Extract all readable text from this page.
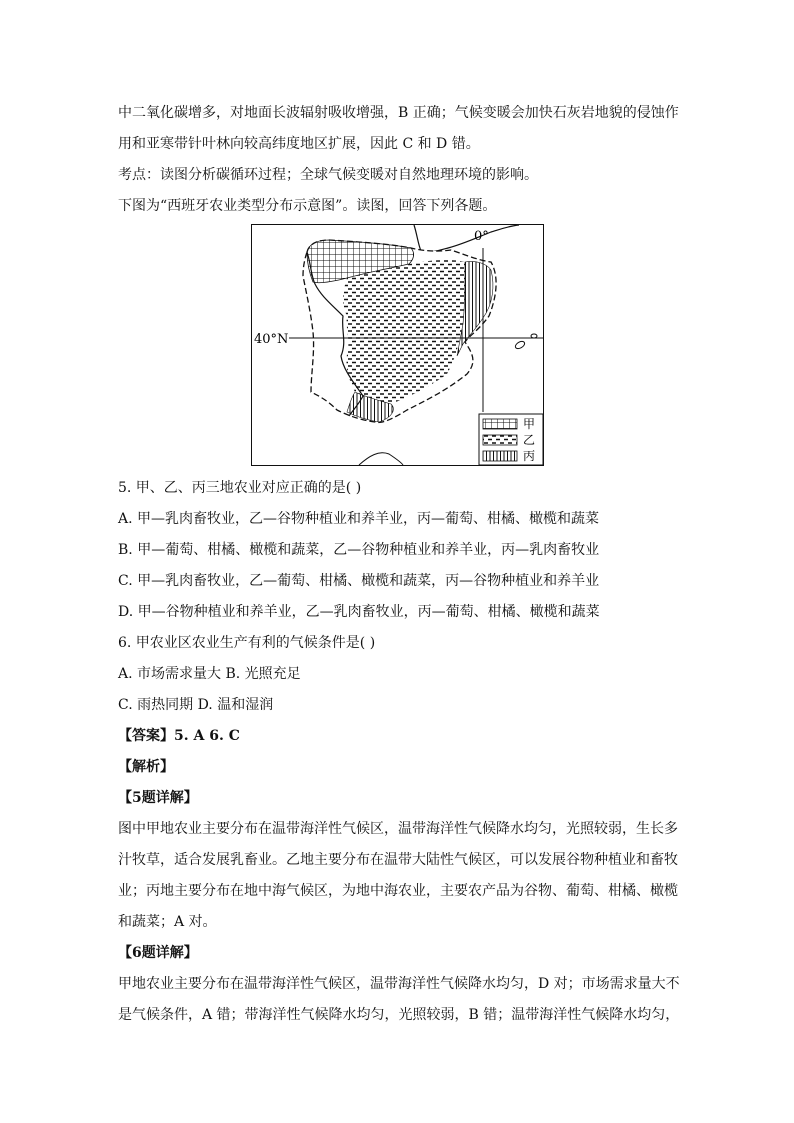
中二氧化碳增多，对地面长波辐射吸收增强，B 正确；气候变暖会加快石灰岩地貌的侵蚀作
用和亚寒带针叶林向较高纬度地区扩展，因此 C 和 D 错。
考点：读图分析碳循环过程；全球气候变暖对自然地理环境的影响。
下图为“西班牙农业类型分布示意图”。读图，回答下列各题。
0°
40°N
甲
乙
丙
5. 甲、乙、丙三地农业对应正确的是( )
A. 甲—乳肉畜牧业，乙—谷物种植业和养羊业，丙—葡萄、柑橘、橄榄和蔬菜
B. 甲—葡萄、柑橘、橄榄和蔬菜，乙—谷物种植业和养羊业，丙—乳肉畜牧业
C. 甲—乳肉畜牧业，乙—葡萄、柑橘、橄榄和蔬菜，丙—谷物种植业和养羊业
D. 甲—谷物种植业和养羊业，乙—乳肉畜牧业，丙—葡萄、柑橘、橄榄和蔬菜
6. 甲农业区农业生产有利的气候条件是( )
A. 市场需求量大 B. 光照充足
C. 雨热同期 D. 温和湿润
【答案】5. A 6. C
【解析】
【5题详解】
图中甲地农业主要分布在温带海洋性气候区，温带海洋性气候降水均匀，光照较弱，生长多
汁牧草，适合发展乳畜业。乙地主要分布在温带大陆性气候区，可以发展谷物种植业和畜牧
业；丙地主要分布在地中海气候区，为地中海农业，主要农产品为谷物、葡萄、柑橘、橄榄
和蔬菜；A 对。
【6题详解】
甲地农业主要分布在温带海洋性气候区，温带海洋性气候降水均匀，D 对；市场需求量大不
是气候条件，A 错；带海洋性气候降水均匀，光照较弱，B 错；温带海洋性气候降水均匀，
